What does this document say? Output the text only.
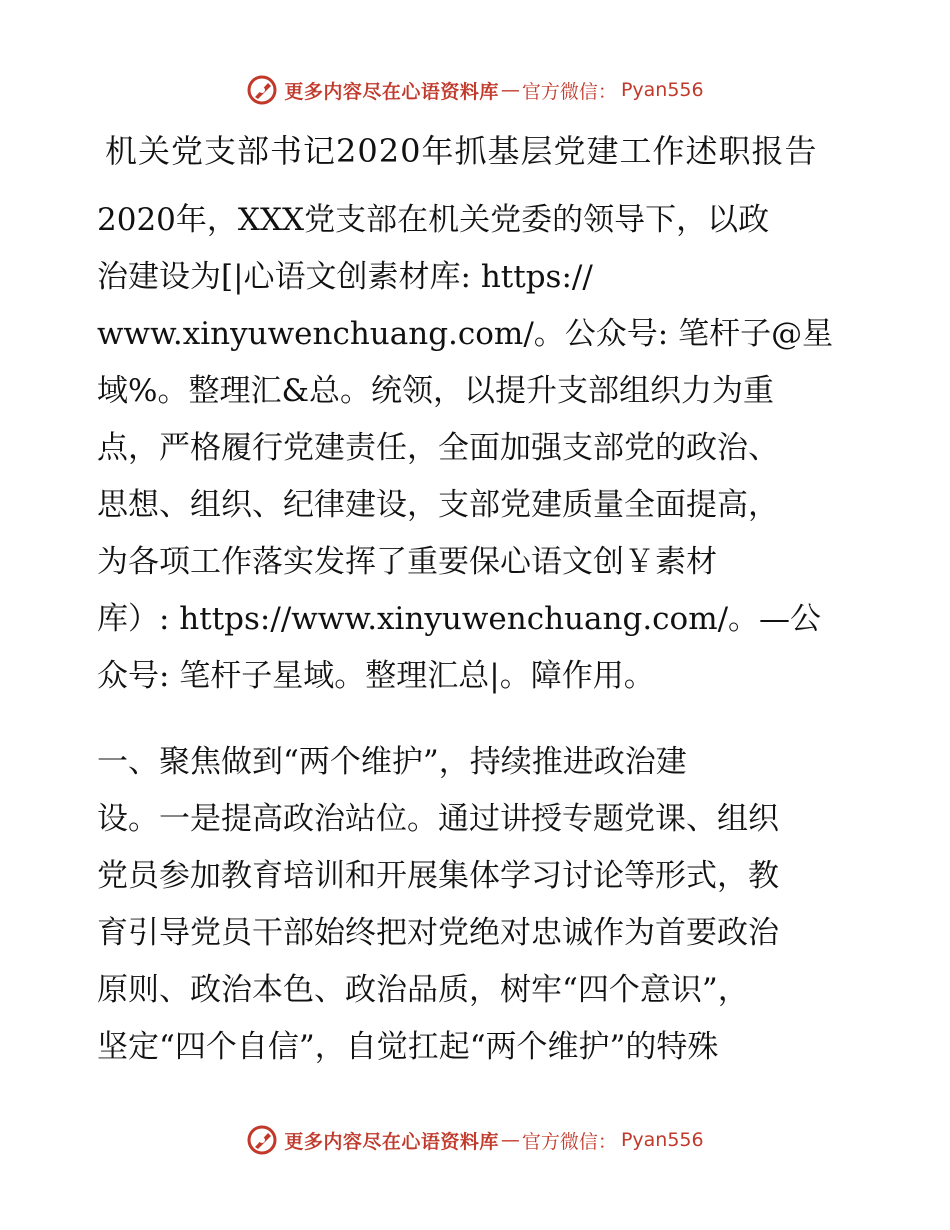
更多内容尽在心语资料库 — 官方微信： Pyan556
机关党支部书记2020年抓基层党建工作述职报告
2020年，XXX党支部在机关党委的领导下，以政
治建设为[|心语文创素材库: https://
www.xinyuwenchuang.com/。公众号: 笔杆子@星
域%。整理汇&总。统领，以提升支部组织力为重
点，严格履行党建责任，全面加强支部党的政治、
思想、组织、纪律建设，支部党建质量全面提高，
为各项工作落实发挥了重要保心语文创￥素材
库）: https://www.xinyuwenchuang.com/。—公
众号: 笔杆子星域。整理汇总|。障作用。
一、聚焦做到“两个维护”，持续推进政治建
设。一是提高政治站位。通过讲授专题党课、组织
党员参加教育培训和开展集体学习讨论等形式，教
育引导党员干部始终把对党绝对忠诚作为首要政治
原则、政治本色、政治品质，树牢“四个意识”，
坚定“四个自信”，自觉扛起“两个维护”的特殊
更多内容尽在心语资料库 — 官方微信： Pyan556
